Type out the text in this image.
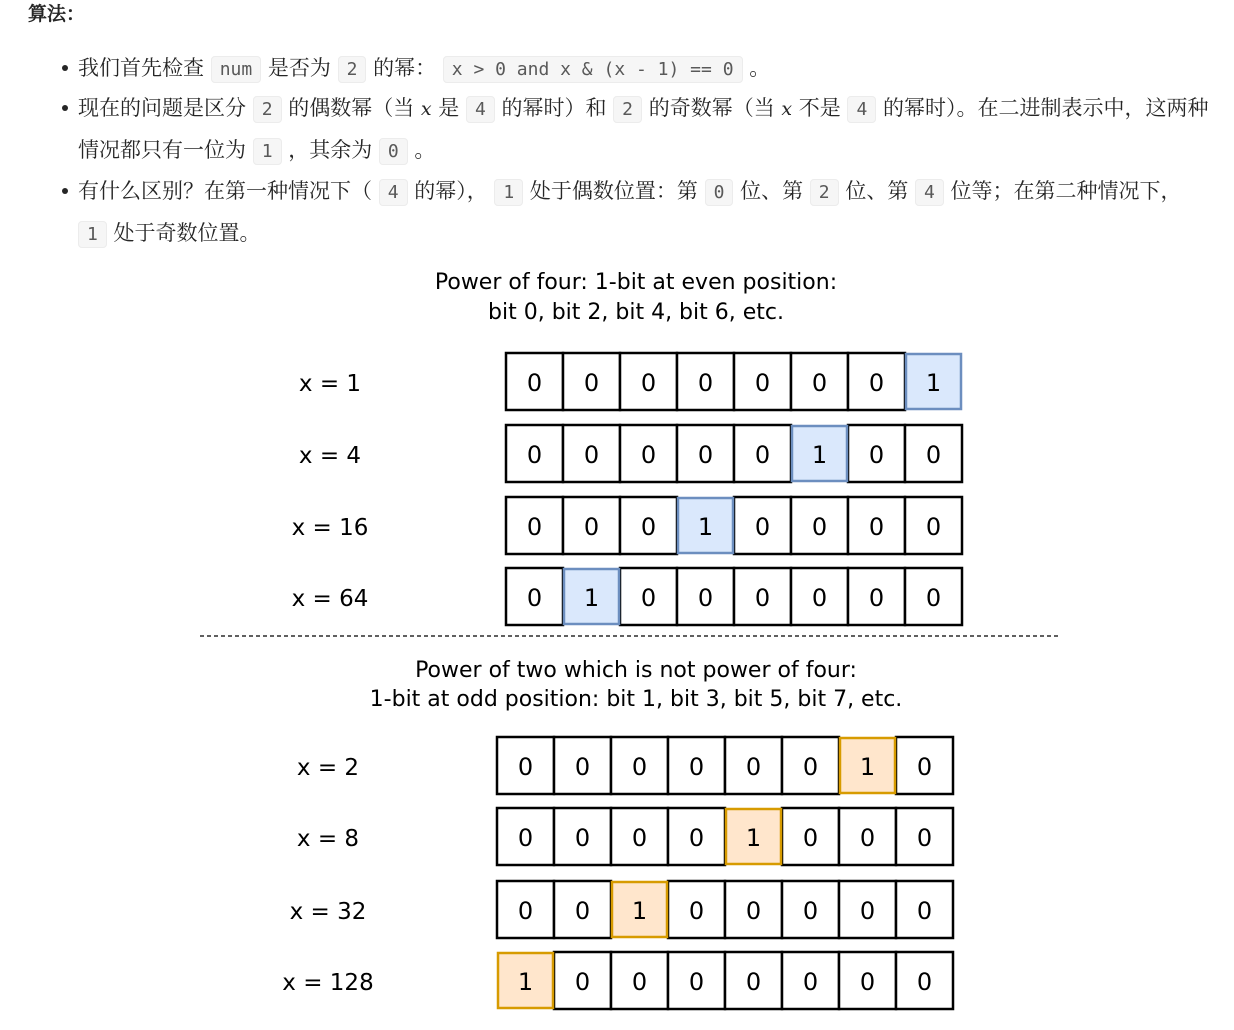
算法：
我们首先检查 num 是否为 2 的幂： x > 0 and x & (x - 1) == 0 。
现在的问题是区分 2 的偶数幂（当 x 是 4 的幂时）和 2 的奇数幂（当 x 不是 4 的幂时）。在二进制表示中，这两种情况都只有一位为 1 ，其余为 0 。
有什么区别？在第一种情况下（ 4 的幂）， 1 处于偶数位置：第 0 位、第 2 位、第 4 位等；在第二种情况下， 1 处于奇数位置。
Power of four: 1-bit at even position:
bit 0, bit 2, bit 4, bit 6, etc.
x = 1	0 0 0 0 0 0 0 1
x = 4	0 0 0 0 0 1 0 0
x = 16	0 0 0 1 0 0 0 0
x = 64	0 1 0 0 0 0 0 0
Power of two which is not power of four:
1-bit at odd position: bit 1, bit 3, bit 5, bit 7, etc.
x = 2	0 0 0 0 0 0 1 0
x = 8	0 0 0 0 1 0 0 0
x = 32	0 0 1 0 0 0 0 0
x = 128	1 0 0 0 0 0 0 0
